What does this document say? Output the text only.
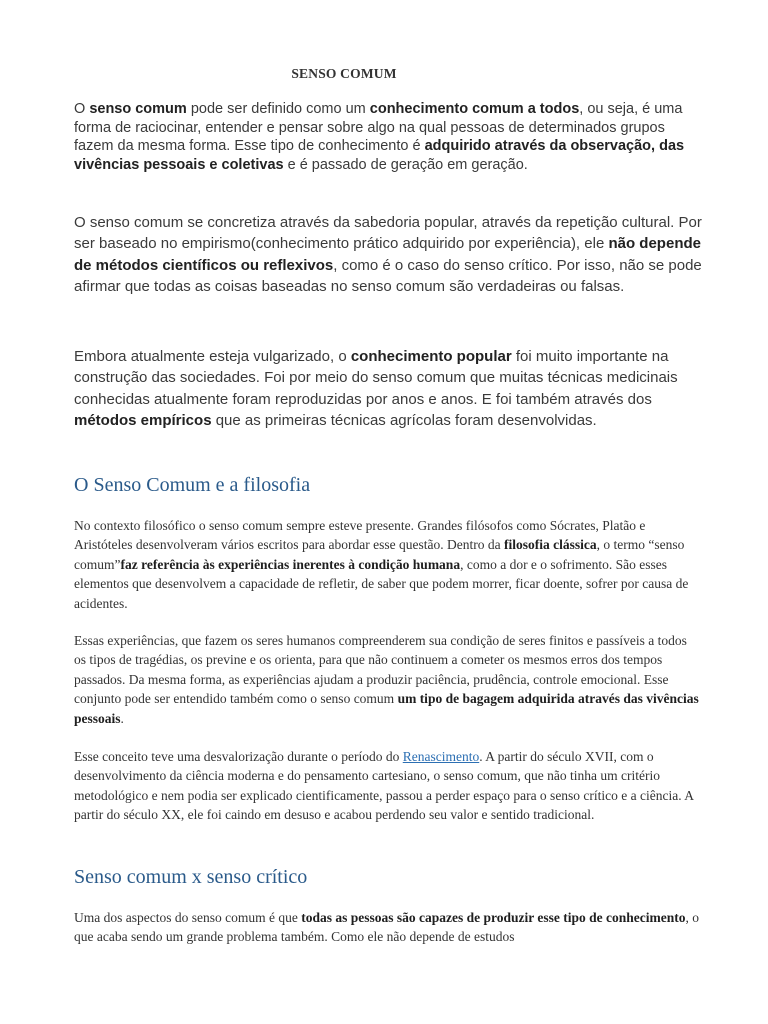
SENSO COMUM

O senso comum pode ser definido como um conhecimento comum a todos, ou seja, é uma forma de raciocinar, entender e pensar sobre algo na qual pessoas de determinados grupos fazem da mesma forma. Esse tipo de conhecimento é adquirido através da observação, das vivências pessoais e coletivas e é passado de geração em geração.

O senso comum se concretiza através da sabedoria popular, através da repetição cultural. Por ser baseado no empirismo(conhecimento prático adquirido por experiência), ele não depende de métodos científicos ou reflexivos, como é o caso do senso crítico. Por isso, não se pode afirmar que todas as coisas baseadas no senso comum são verdadeiras ou falsas.

Embora atualmente esteja vulgarizado, o conhecimento popular foi muito importante na construção das sociedades. Foi por meio do senso comum que muitas técnicas medicinais conhecidas atualmente foram reproduzidas por anos e anos. E foi também através dos métodos empíricos que as primeiras técnicas agrícolas foram desenvolvidas.

O Senso Comum e a filosofia

No contexto filosófico o senso comum sempre esteve presente. Grandes filósofos como Sócrates, Platão e Aristóteles desenvolveram vários escritos para abordar esse questão. Dentro da filosofia clássica, o termo “senso comum”faz referência às experiências inerentes à condição humana, como a dor e o sofrimento. São esses elementos que desenvolvem a capacidade de refletir, de saber que podem morrer, ficar doente, sofrer por causa de acidentes.

Essas experiências, que fazem os seres humanos compreenderem sua condição de seres finitos e passíveis a todos os tipos de tragédias, os previne e os orienta, para que não continuem a cometer os mesmos erros dos tempos passados. Da mesma forma, as experiências ajudam a produzir paciência, prudência, controle emocional. Esse conjunto pode ser entendido também como o senso comum um tipo de bagagem adquirida através das vivências pessoais.

Esse conceito teve uma desvalorização durante o período do Renascimento. A partir do século XVII, com o desenvolvimento da ciência moderna e do pensamento cartesiano, o senso comum, que não tinha um critério metodológico e nem podia ser explicado cientificamente, passou a perder espaço para o senso crítico e a ciência. A partir do século XX, ele foi caindo em desuso e acabou perdendo seu valor e sentido tradicional.

Senso comum x senso crítico

Uma dos aspectos do senso comum é que todas as pessoas são capazes de produzir esse tipo de conhecimento, o que acaba sendo um grande problema também. Como ele não depende de estudos
